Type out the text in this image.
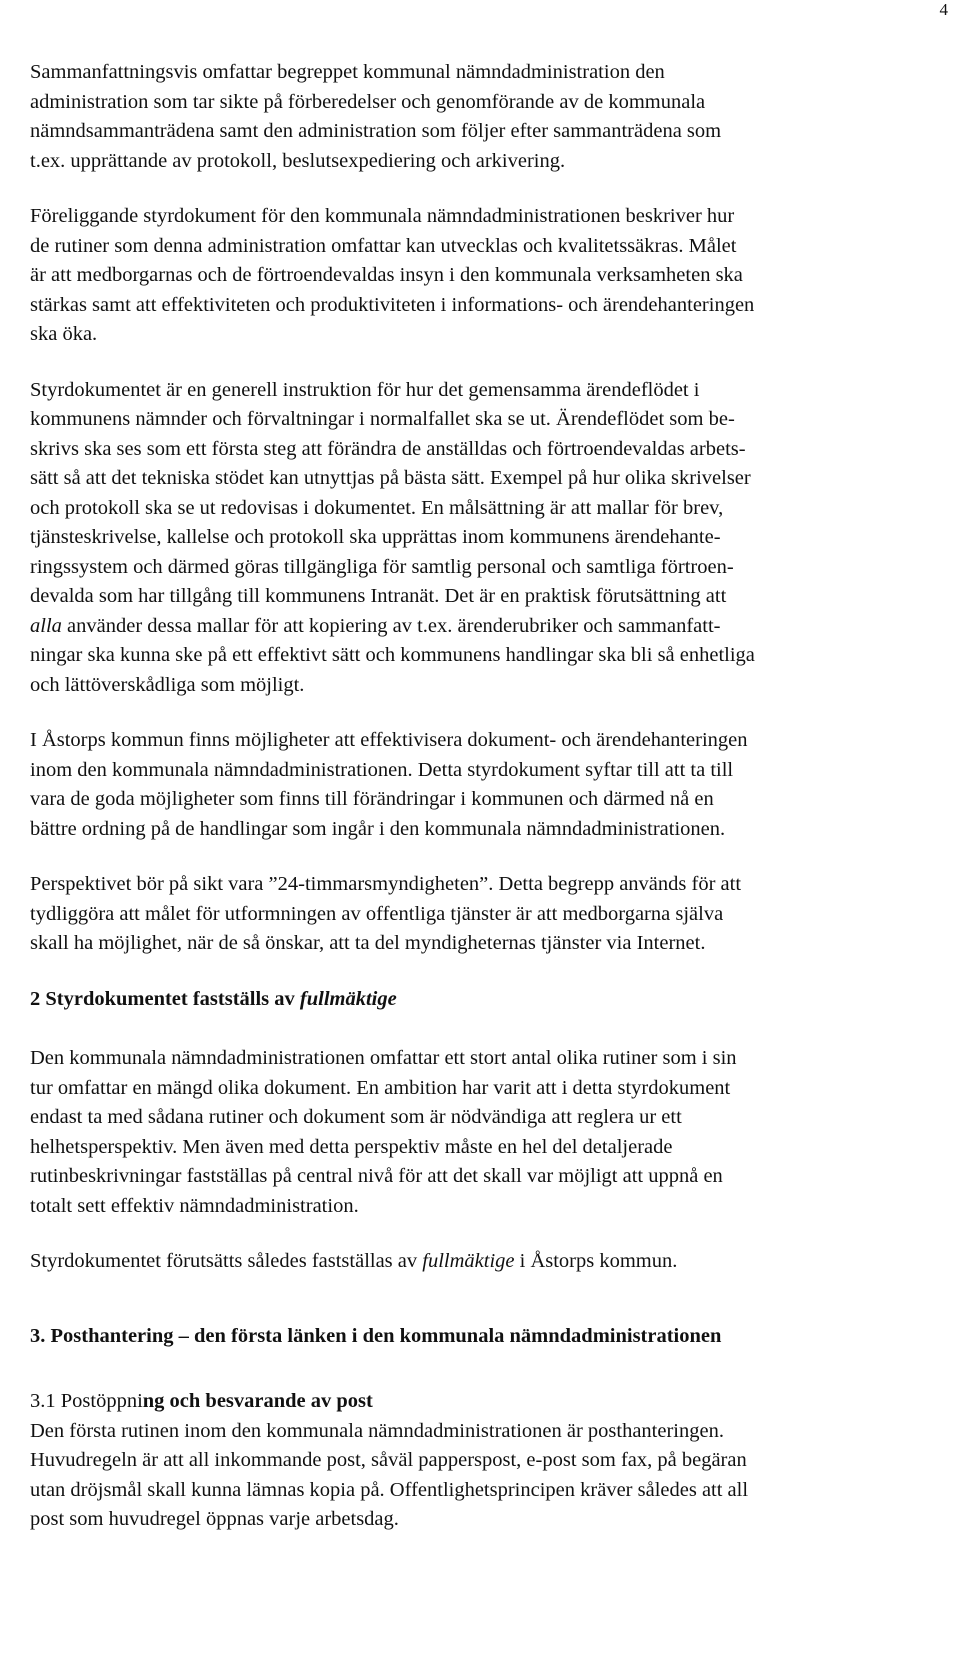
4
Sammanfattningsvis omfattar begreppet kommunal nämndadministration den
administration som tar sikte på förberedelser och genomförande av de kommunala
nämndsammanträdena samt den administration som följer efter sammanträdena som
t.ex. upprättande av protokoll, beslutsexpediering och arkivering.
Föreliggande styrdokument för den kommunala nämndadministrationen beskriver hur
de rutiner som denna administration omfattar kan utvecklas och kvalitetssäkras. Målet
är att medborgarnas och de förtroendevaldas insyn i den kommunala verksamheten ska
stärkas samt att effektiviteten och produktiviteten i informations- och ärendehanteringen
ska öka.
Styrdokumentet är en generell instruktion för hur det gemensamma ärendeflödet i
kommunens nämnder och förvaltningar i normalfallet ska se ut. Ärendeflödet som be-
skrivs ska ses som ett första steg att förändra de anställdas och förtroendevaldas arbets-
sätt så att det tekniska stödet kan utnyttjas på bästa sätt. Exempel på hur olika skrivelser
och protokoll ska se ut redovisas i dokumentet. En målsättning är att mallar för brev,
tjänsteskrivelse, kallelse och protokoll ska upprättas inom kommunens ärendehante-
ringssystem och därmed göras tillgängliga för samtlig personal och samtliga förtroen-
devalda som har tillgång till kommunens Intranät. Det är en praktisk förutsättning att
alla använder dessa mallar för att kopiering av t.ex. ärenderubriker och sammanfatt-
ningar ska kunna ske på ett effektivt sätt och kommunens handlingar ska bli så enhetliga
och lättöverskådliga som möjligt.
I Åstorps kommun finns möjligheter att effektivisera dokument- och ärendehanteringen
inom den kommunala nämndadministrationen. Detta styrdokument syftar till att ta till
vara de goda möjligheter som finns till förändringar i kommunen och därmed nå en
bättre ordning på de handlingar som ingår i den kommunala nämndadministrationen.
Perspektivet bör på sikt vara ”24-timmarsmyndigheten”. Detta begrepp används för att
tydliggöra att målet för utformningen av offentliga tjänster är att medborgarna själva
skall ha möjlighet, när de så önskar, att ta del myndigheternas tjänster via Internet.
2 Styrdokumentet fastställs av fullmäktige
Den kommunala nämndadministrationen omfattar ett stort antal olika rutiner som i sin
tur omfattar en mängd olika dokument. En ambition har varit att i detta styrdokument
endast ta med sådana rutiner och dokument som är nödvändiga att reglera ur ett
helhetsperspektiv. Men även med detta perspektiv måste en hel del detaljerade
rutinbeskrivningar fastställas på central nivå för att det skall var möjligt att uppnå en
totalt sett effektiv nämndadministration.
Styrdokumentet förutsätts således fastställas av fullmäktige i Åstorps kommun.
3. Posthantering – den första länken i den kommunala nämndadministrationen
3.1 Postöppning och besvarande av post
Den första rutinen inom den kommunala nämndadministrationen är posthanteringen.
Huvudregeln är att all inkommande post, såväl papperspost, e-post som fax, på begäran
utan dröjsmål skall kunna lämnas kopia på. Offentlighetsprincipen kräver således att all
post som huvudregel öppnas varje arbetsdag.
